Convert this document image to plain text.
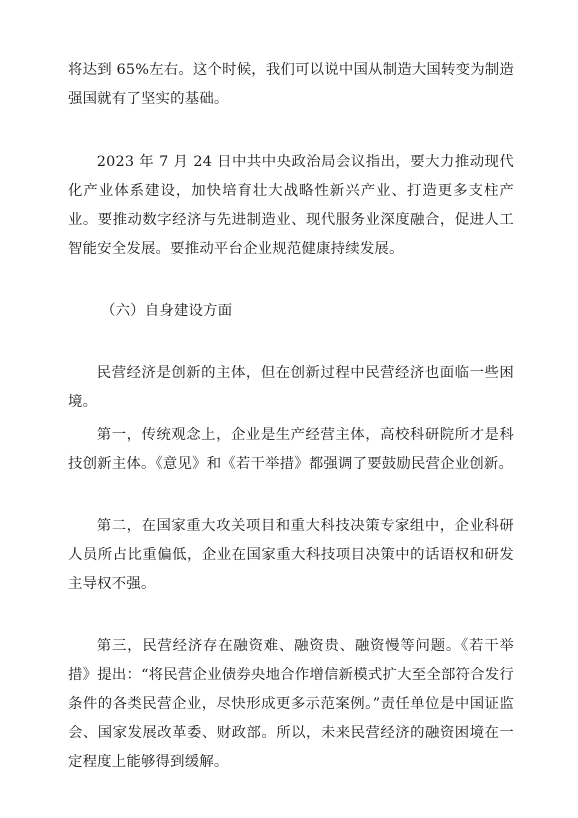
将达到 65%左右。这个时候，我们可以说中国从制造大国转变为制造强国就有了坚实的基础。

2023 年 7 月 24 日中共中央政治局会议指出，要大力推动现代化产业体系建设，加快培育壮大战略性新兴产业、打造更多支柱产业。要推动数字经济与先进制造业、现代服务业深度融合，促进人工智能安全发展。要推动平台企业规范健康持续发展。

（六）自身建设方面

民营经济是创新的主体，但在创新过程中民营经济也面临一些困境。

第一，传统观念上，企业是生产经营主体，高校科研院所才是科技创新主体。《意见》和《若干举措》都强调了要鼓励民营企业创新。

第二，在国家重大攻关项目和重大科技决策专家组中，企业科研人员所占比重偏低，企业在国家重大科技项目决策中的话语权和研发主导权不强。

第三，民营经济存在融资难、融资贵、融资慢等问题。《若干举措》提出：“将民营企业债券央地合作增信新模式扩大至全部符合发行条件的各类民营企业，尽快形成更多示范案例。”责任单位是中国证监会、国家发展改革委、财政部。所以，未来民营经济的融资困境在一定程度上能够得到缓解。
